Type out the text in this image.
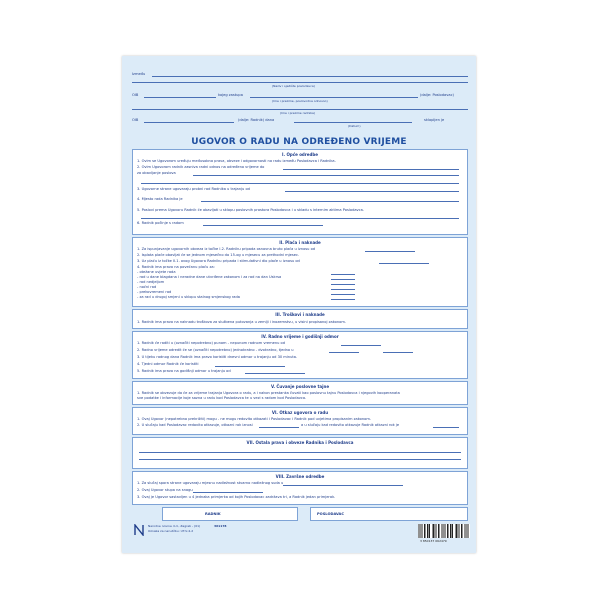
Između
(Naziv i sjedište poslodavca)
OIB	kojeg zastupa	(dalje: Poslodavac)
(Ime i prezime, poslovodna odnosno)
(Ime i prezime radnika)
OIB	(dalje: Radnik) dana	sklopljen je
(Datum)
UGOVOR O RADU NA ODREĐENO VRIJEME
I. Opće odredbe
1. Ovim se Ugovorom uređuju međusobna prava, obveze i odgovornosti na radu između Poslodavca i Radnika.
2. Ovim Ugovorom radnik zasniva radni odnos na određeno vrijeme do
za obavljanje poslova
3. Ugovorne strane ugovaraju probni rad Radnika u trajanju od
4. Mjesto rada Radnika je
5. Poslovi prema Ugovoru Radnik će obavljati u sklopu poslovnih prostora Poslodavca i u skladu s internim aktima Poslodavca.
6. Radnik počinje s radom
II. Plaća i naknade
1. Za ispunjavanje ugovornih obveza iz točke I.2. Radniku pripada osnovna bruto plaća u iznosu od
2. Isplata plaće obavljat će se jednom mjesečno do 15-og u mjesecu za prethodni mjesec.
3. Uz plaću iz točke II.1. ovog Ugovora Radniku pripada i stimulativni dio plaće u iznosu od
4. Radnik ima pravo na povećanu plaću za:
- otežane uvjete rada
- rad u dane blagdana i neradne dane utvrđene zakonom i za rad na dan Uskrsa
- rad nedjeljom
- noćni rad
- prekovremeni rad
- za rad u drugoj smjeni u sklopu stalnog smjenskog rada
III. Troškovi i naknade
1. Radnik ima pravo na naknadu troškova za službena putovanja u zemlji i inozemstvu, u visini propisanoj zakonom.
IV. Radno vrijeme i godišnji odmor
1. Radnik će raditi u (označiti nepotrebno) punom - nepunom radnom vremenu od
2. Radno vrijeme odredit će se (označiti nepotrebno) jednokratno - dvokratno, tjedno u
3. U tijeku radnog dana Radnik ima pravo koristiti dnevni odmor u trajanju od 30 minuta.
4. Tjedni odmor Radnik će koristiti
5. Radnik ima pravo na godišnji odmor u trajanju od
V. Čuvanje poslovne tajne
1. Radnik se obvezuje da će za vrijeme trajanja Ugovora o radu, a i nakon prestanka čuvati kao poslovnu tajnu Poslodavca i njegovih kooperanata
sve podatke i informacije koje sazna u radu kod Poslodavca te u vezi s radom kod Poslodavca.
VI. Otkaz ugovora o radu
1. Ovaj Ugovor (nepotrebno prekrižiti) mogu - ne mogu redovito otkazati i Poslodavac i Radnik pod uvjetima propisanim zakonom.
2. U slučaju kad Poslodavac redovito otkazuje, otkazni rok iznosi	a u slučaju kad redovito otkazuje Radnik otkazni rok je
VII. Ostala prava i obveze Radnika i Poslodavca
VIII. Završne odredbe
1. Za slučaj spora strane ugovaraju mjesnu nadležnost stvarno nadležnog suda u
2. Ovaj Ugovor stupa na snagu
3. Ovaj je Ugovor sastavljen u 4 jednaka primjerka od kojih Poslodavac zadržava tri, a Radnik jedan primjerak.
RADNIK	POSLODAVAC
Narodne novine d.d., Zagreb - (01)
Oznaka za narudžbu: UT-V-4-2
361178
3 850137 062479
